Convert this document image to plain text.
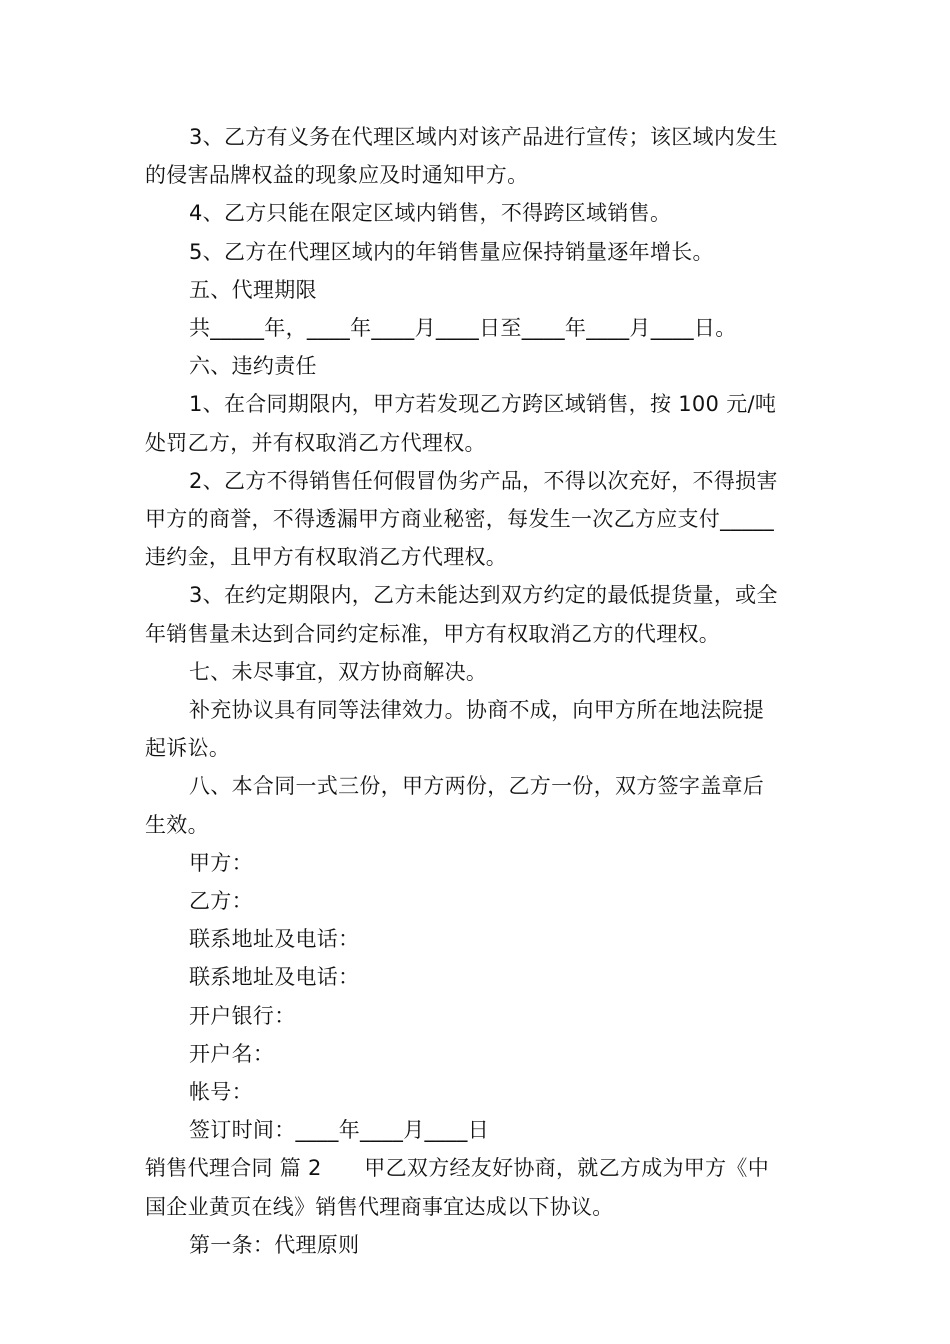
3、乙方有义务在代理区域内对该产品进行宣传；该区域内发生

的侵害品牌权益的现象应及时通知甲方。

4、乙方只能在限定区域内销售，不得跨区域销售。

5、乙方在代理区域内的年销售量应保持销量逐年增长。

五、代理期限

共_____年，____年____月____日至____年____月____日。

六、违约责任

1、在合同期限内，甲方若发现乙方跨区域销售，按 100 元/吨

处罚乙方，并有权取消乙方代理权。

2、乙方不得销售任何假冒伪劣产品，不得以次充好，不得损害

甲方的商誉，不得透漏甲方商业秘密，每发生一次乙方应支付_____

违约金，且甲方有权取消乙方代理权。

3、在约定期限内，乙方未能达到双方约定的最低提货量，或全

年销售量未达到合同约定标准，甲方有权取消乙方的代理权。

七、未尽事宜，双方协商解决。

补充协议具有同等法律效力。协商不成，向甲方所在地法院提

起诉讼。

八、本合同一式三份，甲方两份，乙方一份，双方签字盖章后

生效。

甲方：

乙方：

联系地址及电话：

联系地址及电话：

开户银行：

开户名：

帐号：

签订时间：____年____月____日

销售代理合同 篇 2　　甲乙双方经友好协商，就乙方成为甲方《中

国企业黄页在线》销售代理商事宜达成以下协议。

第一条：代理原则
